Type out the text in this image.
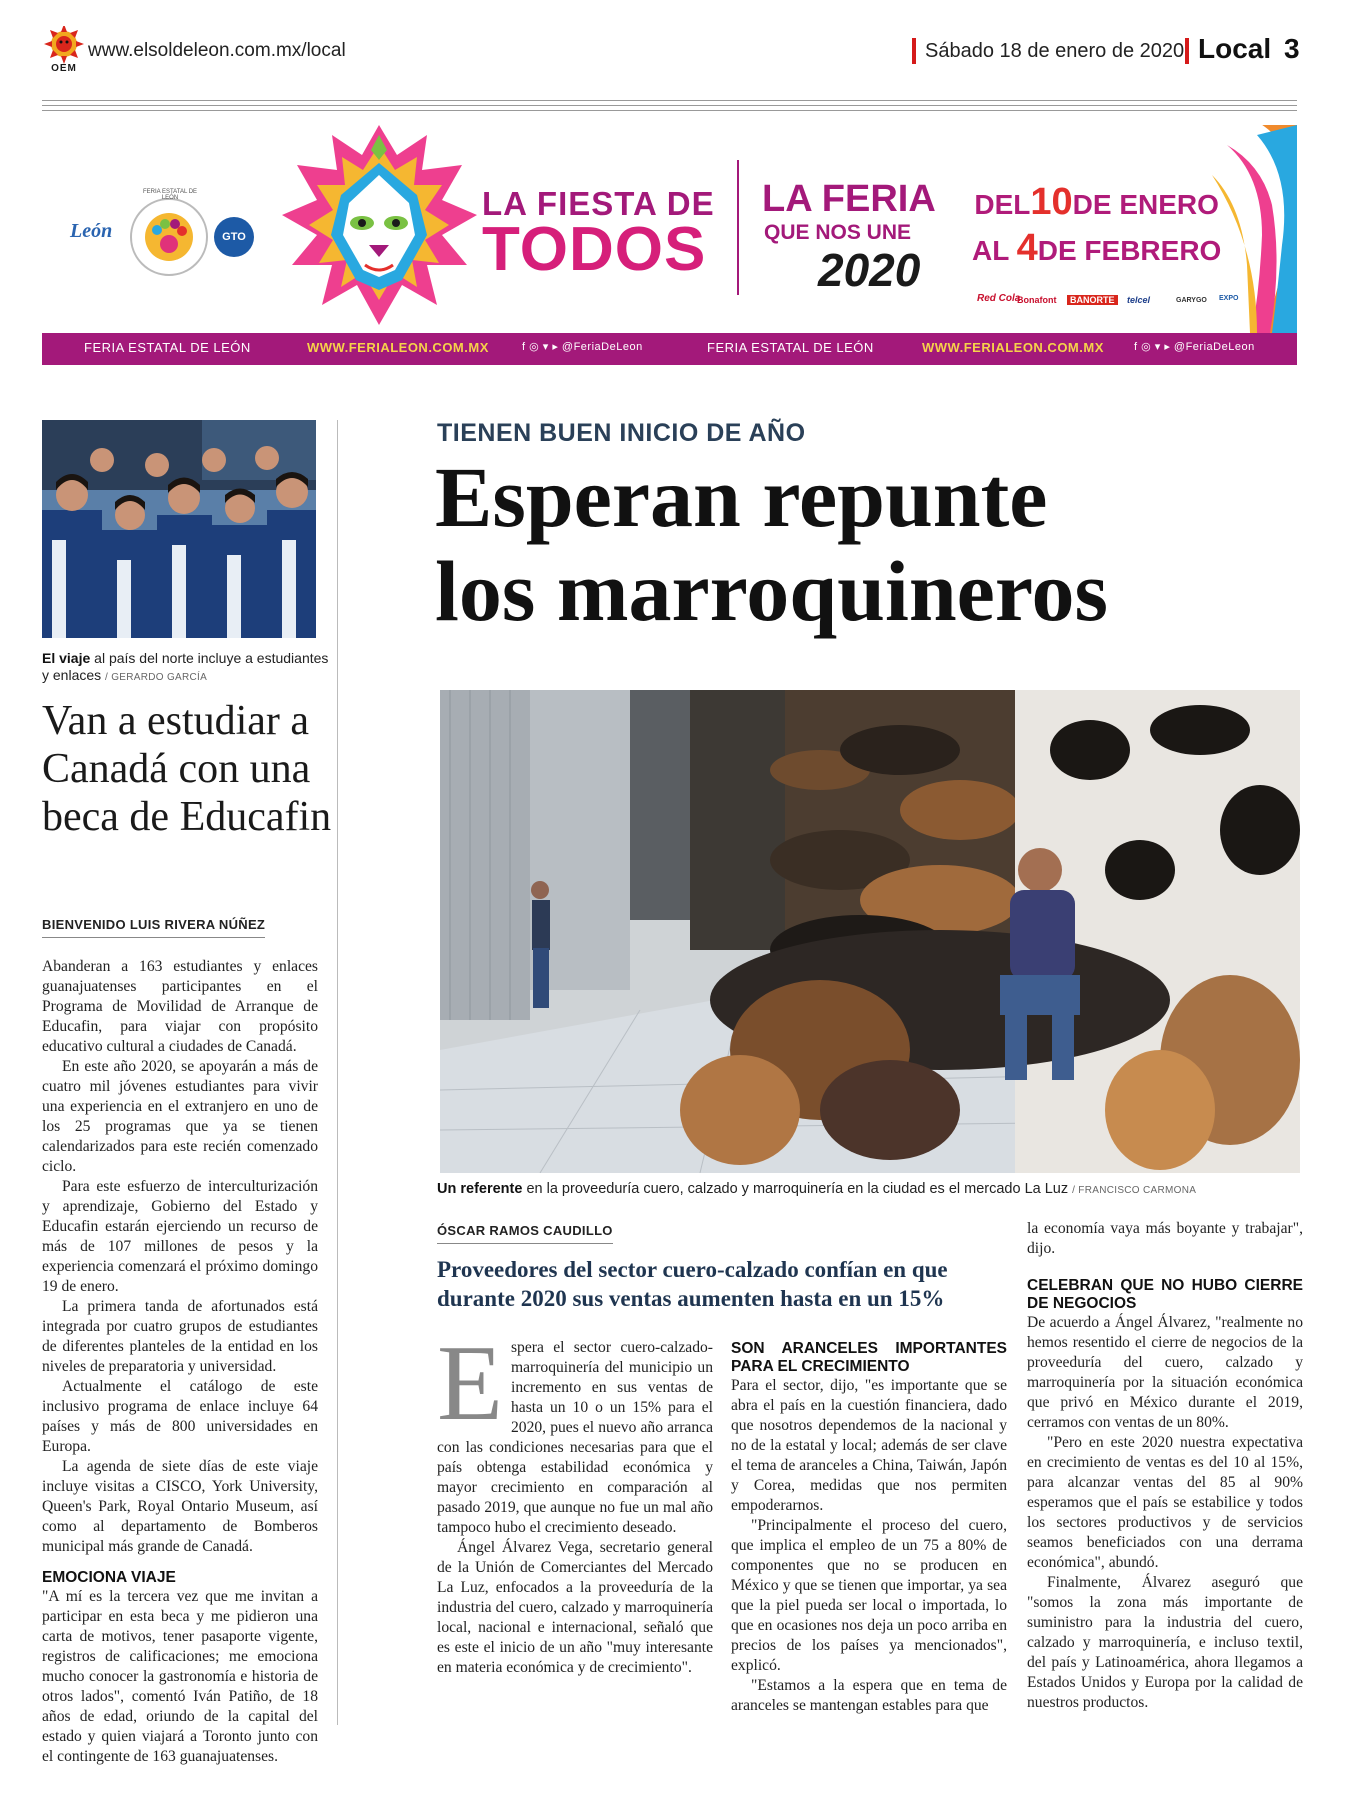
OEM
www.elsoldeleon.com.mx/local	Sábado 18 de enero de 2020 Local 3
León	GTO
FERIA ESTATAL DE LEÓN	LA FIESTA DE
TODOS
LA FERIA
QUE NOS UNE
2020
DEL10DE ENERO
AL 4DE FEBRERO
Red Cola
Bonafont	BANORTE	telcel	GARYGO EXPO
FERIA ESTATAL DE LEÓN	WWW.FERIALEON.COM.MX	f ◎ ▾ ▸ @FeriaDeLeon	FERIA ESTATAL DE LEÓN	WWW.FERIALEON.COM.MX	f ◎ ▾ ▸ @FeriaDeLeon
El viaje al país del norte incluye a estudiantes y enlaces / GERARDO GARCÍA
Van a estudiar a Canadá con una beca de Educafin
BIENVENIDO LUIS RIVERA NÚÑEZ

Abanderan a 163 estudiantes y enlaces guanajuatenses participantes en el Programa de Movilidad de Arranque de Educafin, para viajar con propósito educativo cultural a ciudades de Canadá.

En este año 2020, se apoyarán a más de cuatro mil jóvenes estudiantes para vivir una experiencia en el extranjero en uno de los 25 programas que ya se tienen calendarizados para este recién comenzado ciclo.

Para este esfuerzo de interculturización y aprendizaje, Gobierno del Estado y Educafin estarán ejerciendo un recurso de más de 107 millones de pesos y la experiencia comenzará el próximo domingo 19 de enero.

La primera tanda de afortunados está integrada por cuatro grupos de estudiantes de diferentes planteles de la entidad en los niveles de preparatoria y universidad.

Actualmente el catálogo de este inclusivo programa de enlace incluye 64 países y más de 800 universidades en Europa.

La agenda de siete días de este viaje incluye visitas a CISCO, York University, Queen's Park, Royal Ontario Museum, así como al departamento de Bomberos municipal más grande de Canadá.

EMOCIONA VIAJE

"A mí es la tercera vez que me invitan a participar en esta beca y me pidieron una carta de motivos, tener pasaporte vigente, registros de calificaciones; me emociona mucho conocer la gastronomía e historia de otros lados", comentó Iván Patiño, de 18 años de edad, oriundo de la capital del estado y quien viajará a Toronto junto con el contingente de 163 guanajuatenses.

TIENEN BUEN INICIO DE AÑO
Esperan repunte
los marroquineros
Un referente en la proveeduría cuero, calzado y marroquinería en la ciudad es el mercado La Luz / FRANCISCO CARMONA
ÓSCAR RAMOS CAUDILLO
Proveedores del sector cuero-calzado confían en que durante 2020 sus ventas aumenten hasta en un 15%
E spera el sector cuero-calzado-marroquinería del municipio un incremento en sus ventas de hasta un 10 o un 15% para el 2020, pues el nuevo año arranca con las condiciones necesarias para que el país obtenga estabilidad económica y mayor crecimiento en comparación al pasado 2019, que aunque no fue un mal año tampoco hubo el crecimiento deseado.

Ángel Álvarez Vega, secretario general de la Unión de Comerciantes del Mercado La Luz, enfocados a la proveeduría de la industria del cuero, calzado y marroquinería local, nacional e internacional, señaló que es este el inicio de un año "muy interesante en materia económica y de crecimiento".

SON ARANCELES IMPORTANTES PARA EL CRECIMIENTO

Para el sector, dijo, "es importante que se abra el país en la cuestión financiera, dado que nosotros dependemos de la nacional y no de la estatal y local; además de ser clave el tema de aranceles a China, Taiwán, Japón y Corea, medidas que nos permiten empoderarnos.

"Principalmente el proceso del cuero, que implica el empleo de un 75 a 80% de componentes que no se producen en México y que se tienen que importar, ya sea que la piel pueda ser local o importada, lo que en ocasiones nos deja un poco arriba en precios de los países ya mencionados", explicó.

"Estamos a la espera que en tema de aranceles se mantengan estables para que

la economía vaya más boyante y trabajar", dijo.

CELEBRAN QUE NO HUBO CIERRE DE NEGOCIOS

De acuerdo a Ángel Álvarez, "realmente no hemos resentido el cierre de negocios de la proveeduría del cuero, calzado y marroquinería por la situación económica que privó en México durante el 2019, cerramos con ventas de un 80%.

"Pero en este 2020 nuestra expectativa en crecimiento de ventas es del 10 al 15%, para alcanzar ventas del 85 al 90% esperamos que el país se estabilice y todos los sectores productivos y de servicios seamos beneficiados con una derrama económica", abundó.

Finalmente, Álvarez aseguró que "somos la zona más importante de suministro para la industria del cuero, calzado y marroquinería, e incluso textil, del país y Latinoamérica, ahora llegamos a Estados Unidos y Europa por la calidad de nuestros productos.
